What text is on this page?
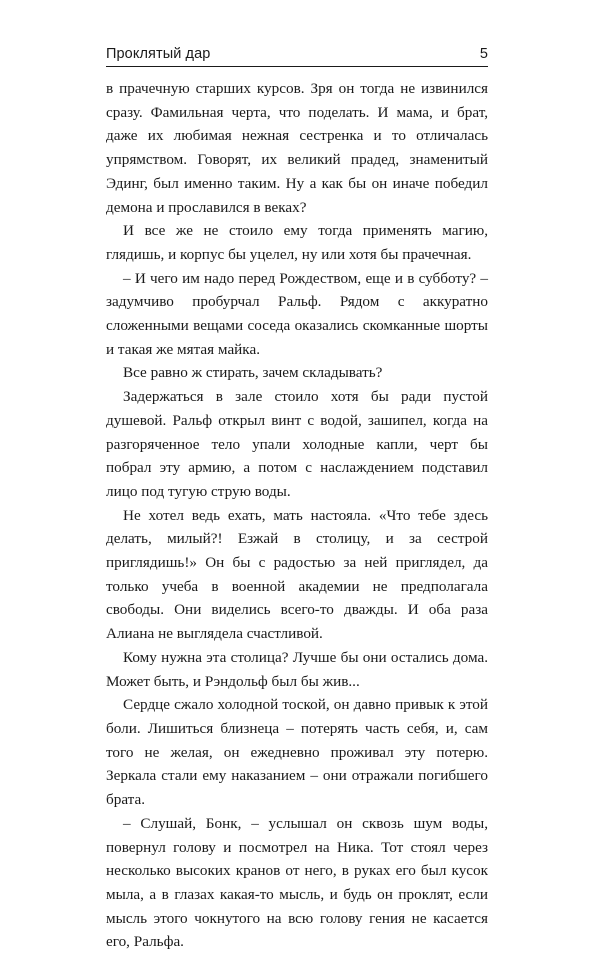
Проклятый дар	5

в прачечную старших курсов. Зря он тогда не извинился сразу. Фамильная черта, что поделать. И мама, и брат, даже их любимая нежная сестренка и то отличалась упрямством. Говорят, их великий прадед, знаменитый Эдинг, был именно таким. Ну а как бы он иначе победил демона и прославился в веках?

И все же не стоило ему тогда применять магию, глядишь, и корпус бы уцелел, ну или хотя бы прачечная.

– И чего им надо перед Рождеством, еще и в субботу? – задумчиво пробурчал Ральф. Рядом с аккуратно сложенными вещами соседа оказались скомканные шорты и такая же мятая майка.

Все равно ж стирать, зачем складывать?

Задержаться в зале стоило хотя бы ради пустой душевой. Ральф открыл винт с водой, зашипел, когда на разгоряченное тело упали холодные капли, черт бы побрал эту армию, а потом с наслаждением подставил лицо под тугую струю воды.

Не хотел ведь ехать, мать настояла. «Что тебе здесь делать, милый?! Езжай в столицу, и за сестрой приглядишь!» Он бы с радостью за ней приглядел, да только учеба в военной академии не предполагала свободы. Они виделись всего-то дважды. И оба раза Алиана не выглядела счастливой.

Кому нужна эта столица? Лучше бы они остались дома. Может быть, и Рэндольф был бы жив...

Сердце сжало холодной тоской, он давно привык к этой боли. Лишиться близнеца – потерять часть себя, и, сам того не желая, он ежедневно проживал эту потерю. Зеркала стали ему наказанием – они отражали погибшего брата.

– Слушай, Бонк, – услышал он сквозь шум воды, повернул голову и посмотрел на Ника. Тот стоял через несколько высоких кранов от него, в руках его был кусок мыла, а в глазах какая-то мысль, и будь он проклят, если мысль этого чокнутого на всю голову гения не касается его, Ральфа.
